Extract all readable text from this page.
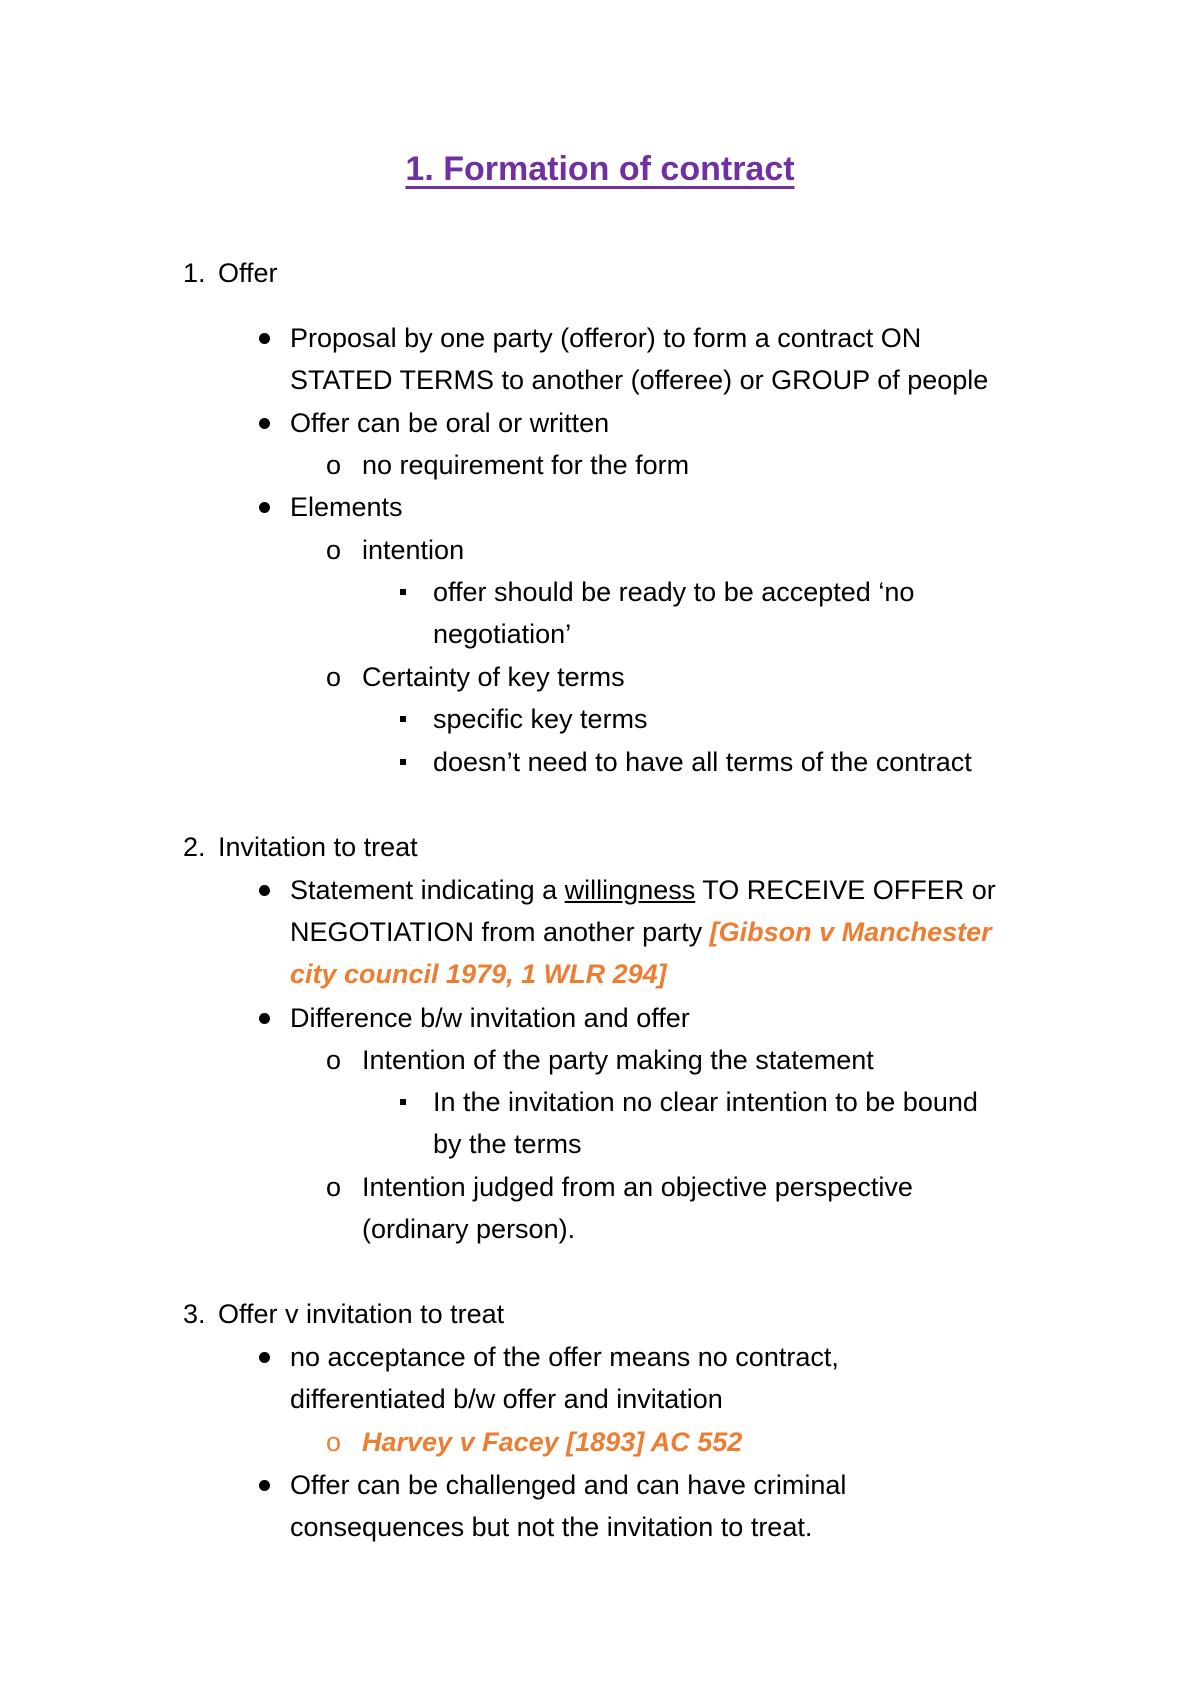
1. Formation of contract
1. Offer
Proposal by one party (offeror) to form a contract ON
STATED TERMS to another (offeree) or GROUP of people
Offer can be oral or written
o no requirement for the form
Elements
o intention
offer should be ready to be accepted ‘no
negotiation’
o Certainty of key terms
specific key terms
doesn’t need to have all terms of the contract
2. Invitation to treat
Statement indicating a willingness TO RECEIVE OFFER or
NEGOTIATION from another party [Gibson v Manchester
city council 1979, 1 WLR 294]
Difference b/w invitation and offer
o Intention of the party making the statement
In the invitation no clear intention to be bound
by the terms
o Intention judged from an objective perspective
(ordinary person).
3. Offer v invitation to treat
no acceptance of the offer means no contract,
differentiated b/w offer and invitation
o Harvey v Facey [1893] AC 552
Offer can be challenged and can have criminal
consequences but not the invitation to treat.
